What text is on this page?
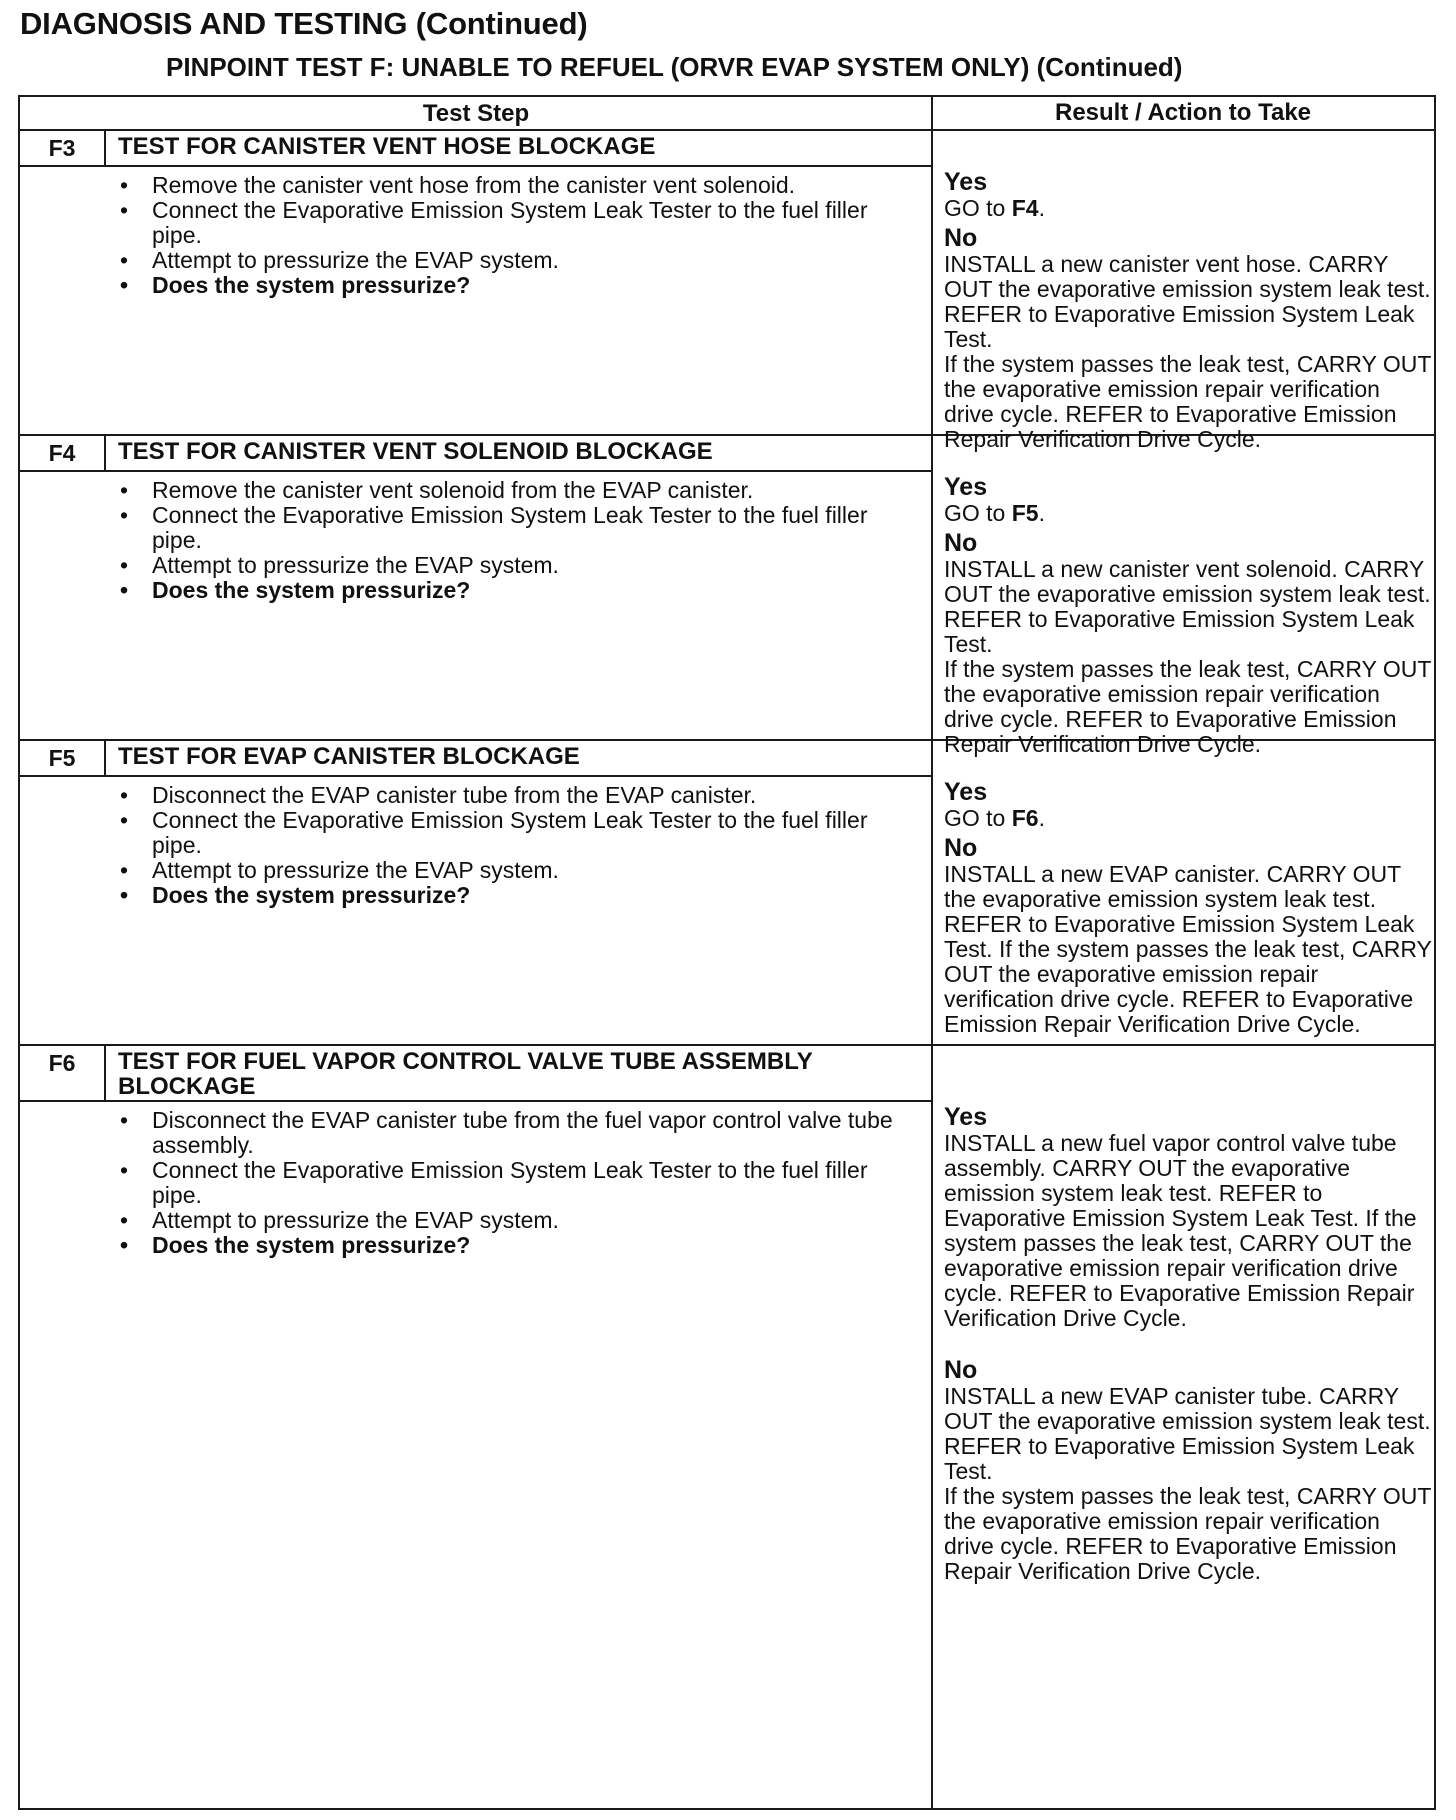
DIAGNOSIS AND TESTING (Continued)
PINPOINT TEST F: UNABLE TO REFUEL (ORVR EVAP SYSTEM ONLY) (Continued)
Test Step	Result / Action to Take
F3	TEST FOR CANISTER VENT HOSE BLOCKAGE
• Remove the canister vent hose from the canister vent solenoid.
• Connect the Evaporative Emission System Leak Tester to the fuel filler pipe.
• Attempt to pressurize the EVAP system.
• Does the system pressurize?
Yes
GO to F4.
No
INSTALL a new canister vent hose. CARRY OUT the evaporative emission system leak test. REFER to Evaporative Emission System Leak Test.
If the system passes the leak test, CARRY OUT the evaporative emission repair verification drive cycle. REFER to Evaporative Emission Repair Verification Drive Cycle.
F4	TEST FOR CANISTER VENT SOLENOID BLOCKAGE
• Remove the canister vent solenoid from the EVAP canister.
• Connect the Evaporative Emission System Leak Tester to the fuel filler pipe.
• Attempt to pressurize the EVAP system.
• Does the system pressurize?
Yes
GO to F5.
No
INSTALL a new canister vent solenoid. CARRY OUT the evaporative emission system leak test. REFER to Evaporative Emission System Leak Test.
If the system passes the leak test, CARRY OUT the evaporative emission repair verification drive cycle. REFER to Evaporative Emission Repair Verification Drive Cycle.
F5	TEST FOR EVAP CANISTER BLOCKAGE
• Disconnect the EVAP canister tube from the EVAP canister.
• Connect the Evaporative Emission System Leak Tester to the fuel filler pipe.
• Attempt to pressurize the EVAP system.
• Does the system pressurize?
Yes
GO to F6.
No
INSTALL a new EVAP canister. CARRY OUT the evaporative emission system leak test. REFER to Evaporative Emission System Leak Test. If the system passes the leak test, CARRY OUT the evaporative emission repair verification drive cycle. REFER to Evaporative Emission Repair Verification Drive Cycle.
F6	TEST FOR FUEL VAPOR CONTROL VALVE TUBE ASSEMBLY BLOCKAGE
• Disconnect the EVAP canister tube from the fuel vapor control valve tube assembly.
• Connect the Evaporative Emission System Leak Tester to the fuel filler pipe.
• Attempt to pressurize the EVAP system.
• Does the system pressurize?
Yes
INSTALL a new fuel vapor control valve tube assembly. CARRY OUT the evaporative emission system leak test. REFER to Evaporative Emission System Leak Test. If the system passes the leak test, CARRY OUT the evaporative emission repair verification drive cycle. REFER to Evaporative Emission Repair Verification Drive Cycle.
No
INSTALL a new EVAP canister tube. CARRY OUT the evaporative emission system leak test. REFER to Evaporative Emission System Leak Test.
If the system passes the leak test, CARRY OUT the evaporative emission repair verification drive cycle. REFER to Evaporative Emission Repair Verification Drive Cycle.
